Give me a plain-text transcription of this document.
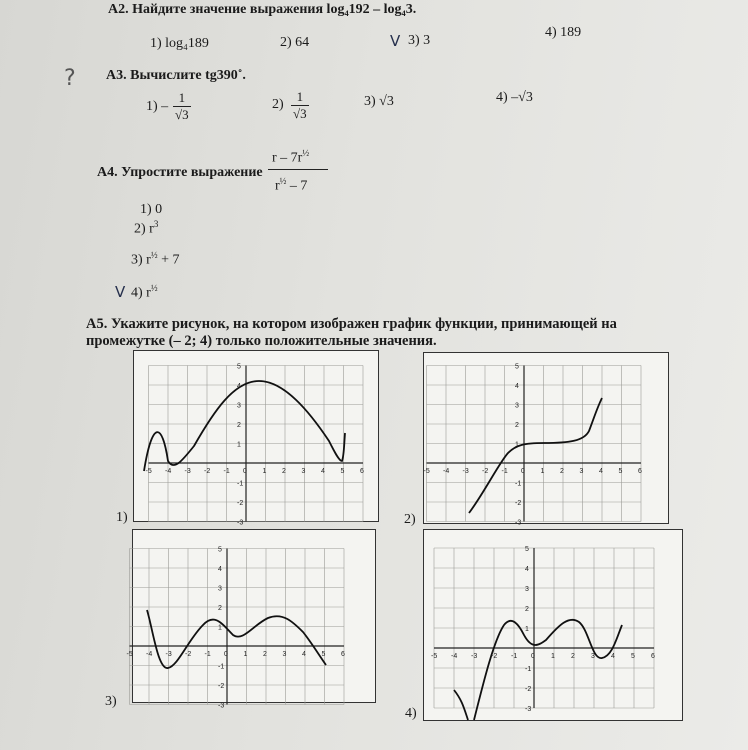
А2. Найдите значение выражения log₄192 – log₄3.
1) log₄189	2) 64	V 3) 3
4) 189
? А3. Вычислите tg390˚.
$1) - \frac{1}{√3}$	$2) \frac{1}{√3}$	3) √3	4) –√3
А4. Упростите выражение
r – $7r^{\frac{1}{2}}$
$r^{\frac{1}{2}} - 7$
1) 0
2) $r^3$
3) $r^{\frac{1}{2}} + 7$
V 4) $r^{\frac{1}{2}}$
А5. Укажите рисунок, на котором изображен график функции, принимающей на
промежутке (– 2; 4) только положительные значения.
-5 -4 -3 -2 -1 0 1 2 3 4 5 6
5
4
3
2
1
-1
-2
-3
1)
-5 -4 -3 -2 -1 0 1 2 3 4 5 6
5
4
3
2
1
-1
-2
-3
2)
-5 -4 -3 -2 -1 0 1 2 3 4 5 6
5
4
3
2
1
-1
-2
-3
3)
-5 -4 -3 -2 -1 0 1 2 3 4 5 6
5
4
3
2
1
-1
-2
-3
4)
